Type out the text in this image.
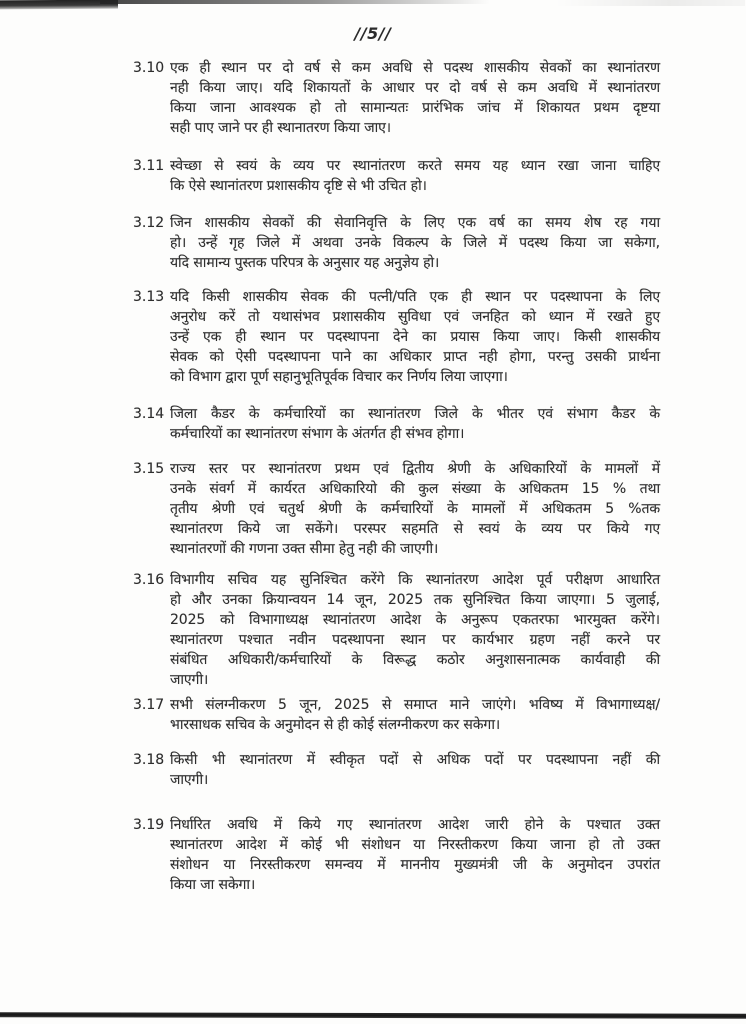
//5//
3.10 एक ही स्थान पर दो वर्ष से कम अवधि से पदस्थ शासकीय सेवकों का स्थानांतरण
नही किया जाए। यदि शिकायतों के आधार पर दो वर्ष से कम अवधि में स्थानांतरण
किया जाना आवश्यक हो तो सामान्यतः प्रारंभिक जांच में शिकायत प्रथम दृष्टया
सही पाए जाने पर ही स्थानातरण किया जाए।
3.11 स्वेच्छा से स्वयं के व्यय पर स्थानांतरण करते समय यह ध्यान रखा जाना चाहिए
कि ऐसे स्थानांतरण प्रशासकीय दृष्टि से भी उचित हो।
3.12 जिन शासकीय सेवकों की सेवानिवृत्ति के लिए एक वर्ष का समय शेष रह गया
हो। उन्हें गृह जिले में अथवा उनके विकल्प के जिले में पदस्थ किया जा सकेगा,
यदि सामान्य पुस्तक परिपत्र के अनुसार यह अनुज्ञेय हो।
3.13 यदि किसी शासकीय सेवक की पत्नी/पति एक ही स्थान पर पदस्थापना के लिए
अनुरोध करें तो यथासंभव प्रशासकीय सुविधा एवं जनहित को ध्यान में रखते हुए
उन्हें एक ही स्थान पर पदस्थापना देने का प्रयास किया जाए। किसी शासकीय
सेवक को ऐसी पदस्थापना पाने का अधिकार प्राप्त नही होगा, परन्तु उसकी प्रार्थना
को विभाग द्वारा पूर्ण सहानुभूतिपूर्वक विचार कर निर्णय लिया जाएगा।
3.14 जिला कैडर के कर्मचारियों का स्थानांतरण जिले के भीतर एवं संभाग कैडर के
कर्मचारियों का स्थानांतरण संभाग के अंतर्गत ही संभव होगा।
3.15 राज्य स्तर पर स्थानांतरण प्रथम एवं द्वितीय श्रेणी के अधिकारियों के मामलों में
उनके संवर्ग में कार्यरत अधिकारियो की कुल संख्या के अधिकतम 15 % तथा
तृतीय श्रेणी एवं चतुर्थ श्रेणी के कर्मचारियों के मामलों में अधिकतम 5 %तक
स्थानांतरण किये जा सकेंगे। परस्पर सहमति से स्वयं के व्यय पर किये गए
स्थानांतरणों की गणना उक्त सीमा हेतु नही की जाएगी।
3.16 विभागीय सचिव यह सुनिश्चित करेंगे कि स्थानांतरण आदेश पूर्व परीक्षण आधारित
हो और उनका क्रियान्वयन 14 जून, 2025 तक सुनिश्चित किया जाएगा। 5 जुलाई,
2025 को विभागाध्यक्ष स्थानांतरण आदेश के अनुरूप एकतरफा भारमुक्त करेंगे।
स्थानांतरण पश्चात नवीन पदस्थापना स्थान पर कार्यभार ग्रहण नहीं करने पर
संबंधित अधिकारी/कर्मचारियों के विरूद्ध कठोर अनुशासनात्मक कार्यवाही की
जाएगी।
3.17 सभी संलग्नीकरण 5 जून, 2025 से समाप्त माने जाएंगे। भविष्य में विभागाध्यक्ष/
भारसाधक सचिव के अनुमोदन से ही कोई संलग्नीकरण कर सकेगा।
3.18 किसी भी स्थानांतरण में स्वीकृत पदों से अधिक पदों पर पदस्थापना नहीं की
जाएगी।
3.19 निर्धारित अवधि में किये गए स्थानांतरण आदेश जारी होने के पश्चात उक्त
स्थानांतरण आदेश में कोई भी संशोधन या निरस्तीकरण किया जाना हो तो उक्त
संशोधन या निरस्तीकरण समन्वय में माननीय मुख्यमंत्री जी के अनुमोदन उपरांत
किया जा सकेगा।
